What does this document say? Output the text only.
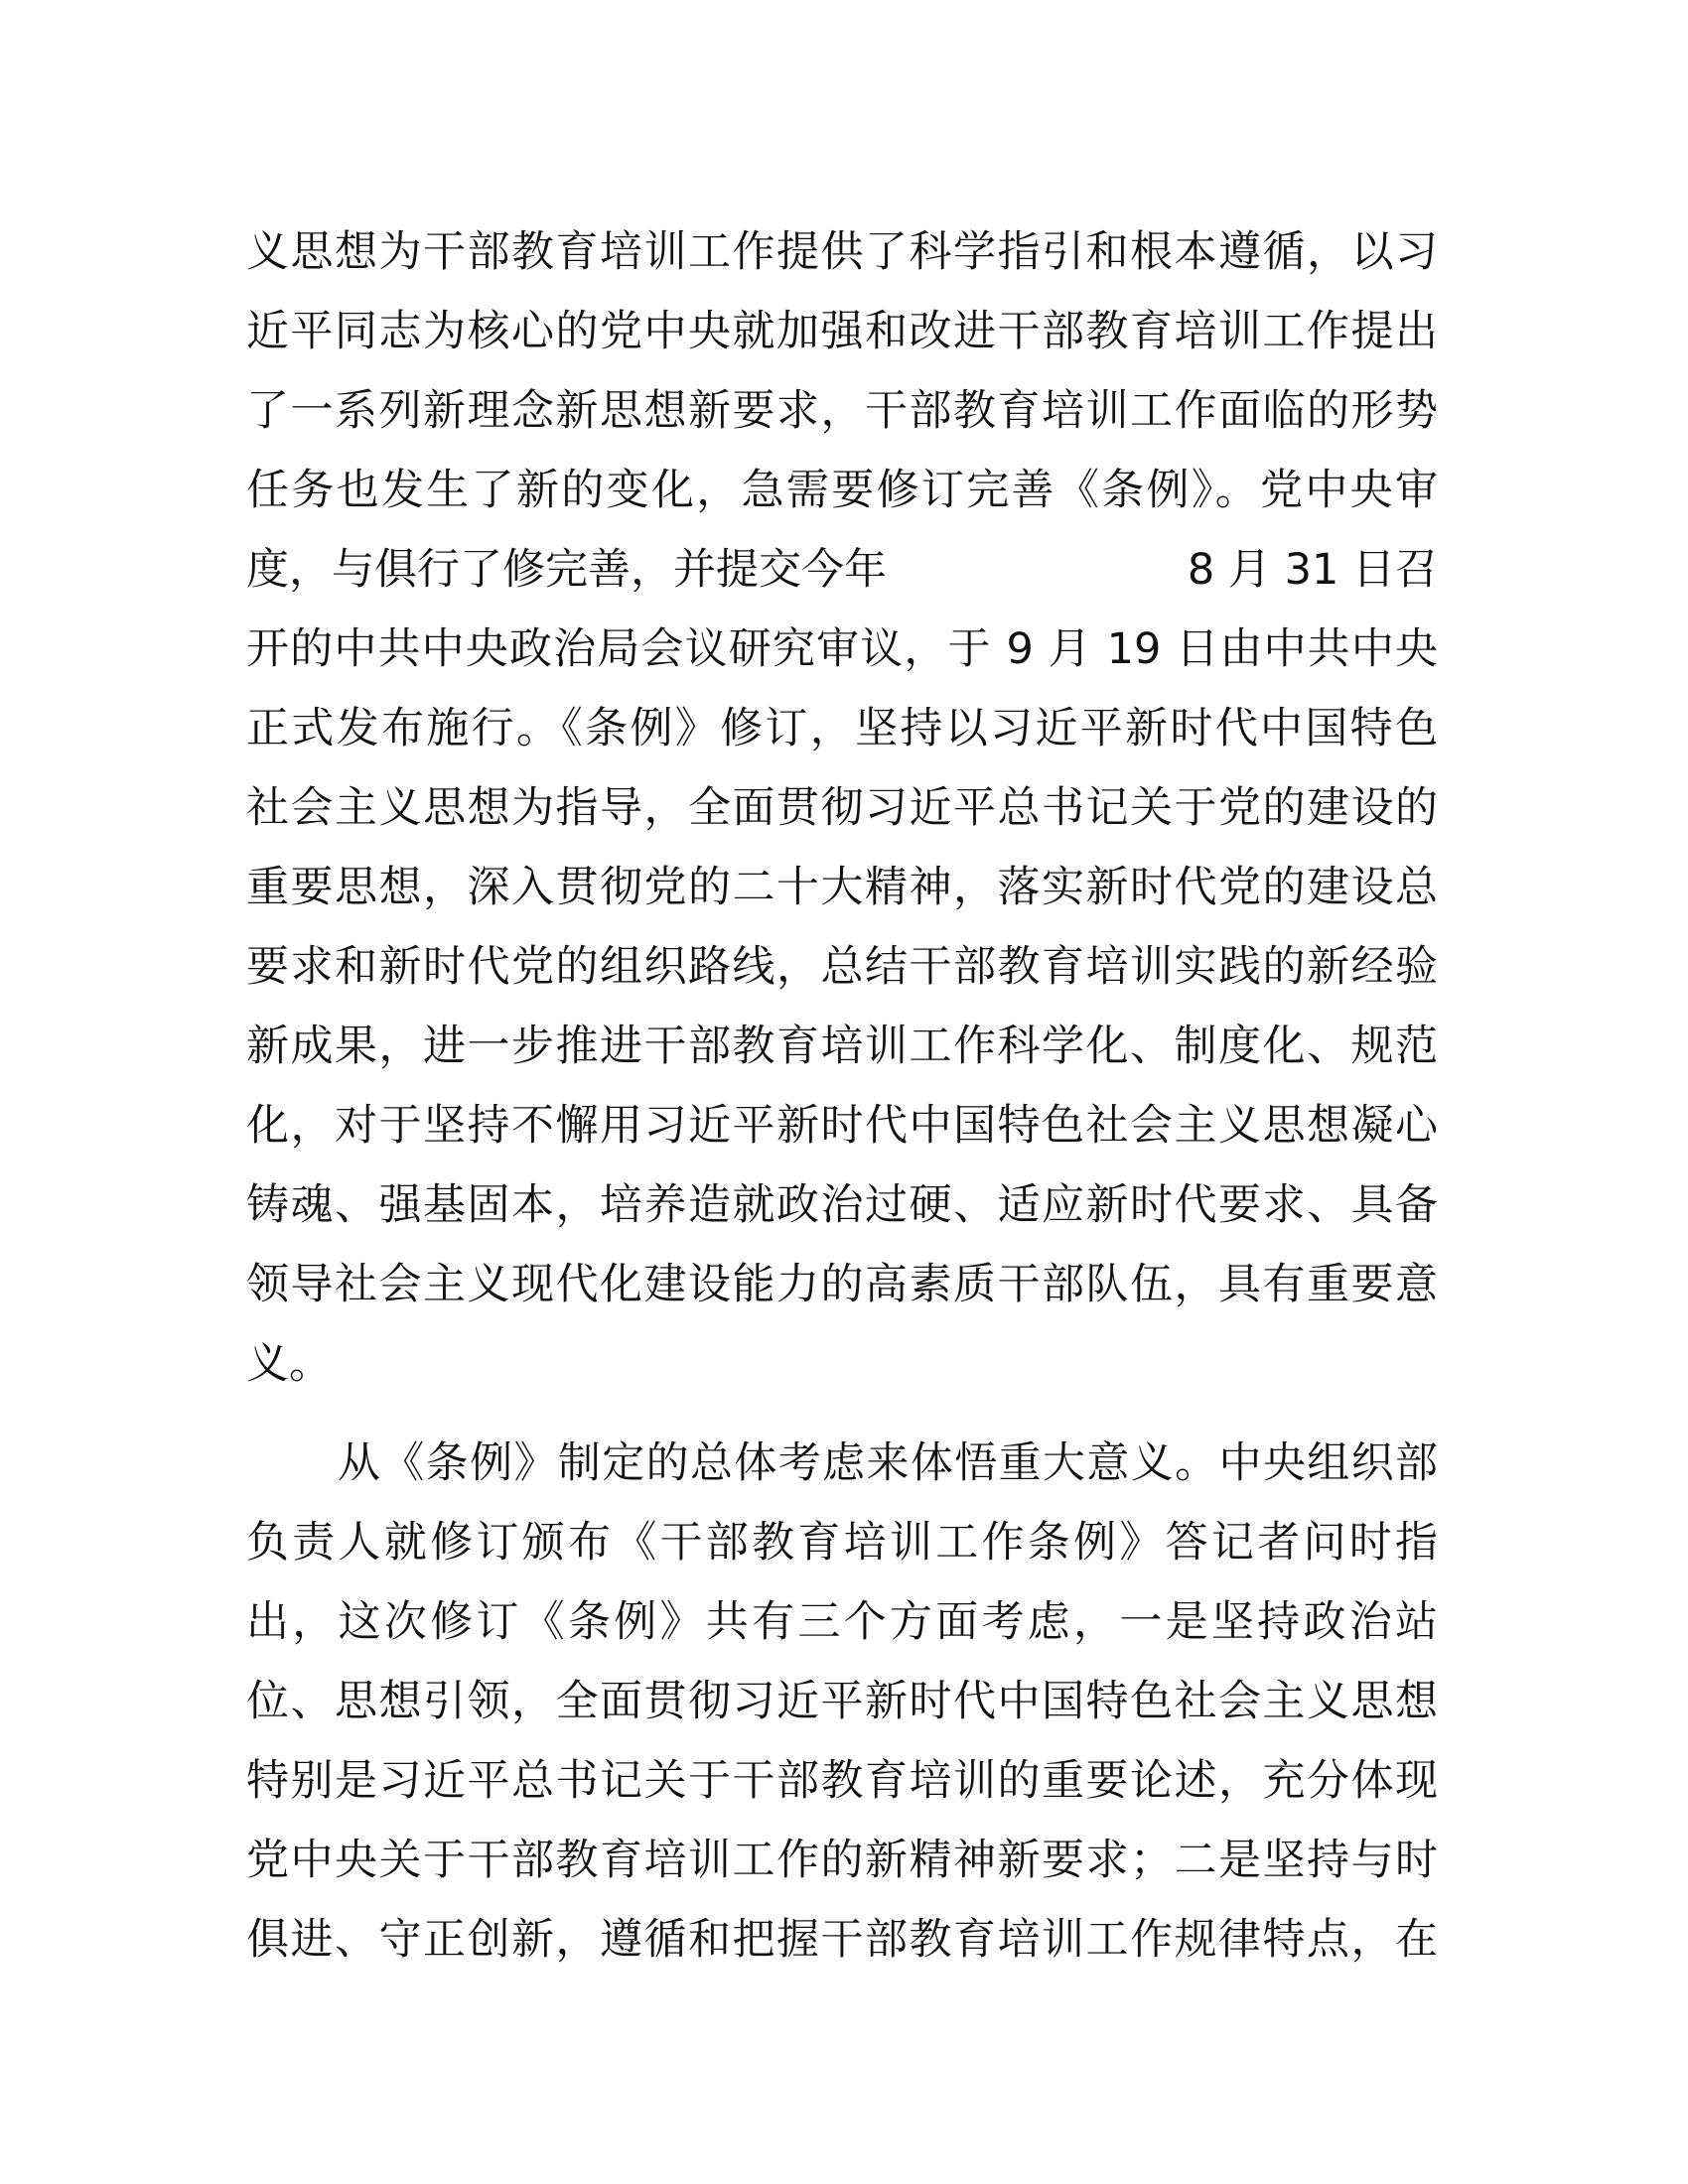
义思想为干部教育培训工作提供了科学指引和根本遵循，以习
近平同志为核心的党中央就加强和改进干部教育培训工作提出
了一系列新理念新思想新要求，干部教育培训工作面临的形势
任务也发生了新的变化，急需要修订完善《条例》。党中央审
度，与俱行了修完善，并提交今年	8 月 31 日召
开的中共中央政治局会议研究审议，于 9 月 19 日由中共中央
正式发布施行。《条例》修订，坚持以习近平新时代中国特色
社会主义思想为指导，全面贯彻习近平总书记关于党的建设的
重要思想，深入贯彻党的二十大精神，落实新时代党的建设总
要求和新时代党的组织路线，总结干部教育培训实践的新经验
新成果，进一步推进干部教育培训工作科学化、制度化、规范
化，对于坚持不懈用习近平新时代中国特色社会主义思想凝心
铸魂、强基固本，培养造就政治过硬、适应新时代要求、具备
领导社会主义现代化建设能力的高素质干部队伍，具有重要意
义。
从《条例》制定的总体考虑来体悟重大意义。中央组织部
负责人就修订颁布《干部教育培训工作条例》答记者问时指
出，这次修订《条例》共有三个方面考虑，一是坚持政治站
位、思想引领，全面贯彻习近平新时代中国特色社会主义思想
特别是习近平总书记关于干部教育培训的重要论述，充分体现
党中央关于干部教育培训工作的新精神新要求；二是坚持与时
俱进、守正创新，遵循和把握干部教育培训工作规律特点，在
